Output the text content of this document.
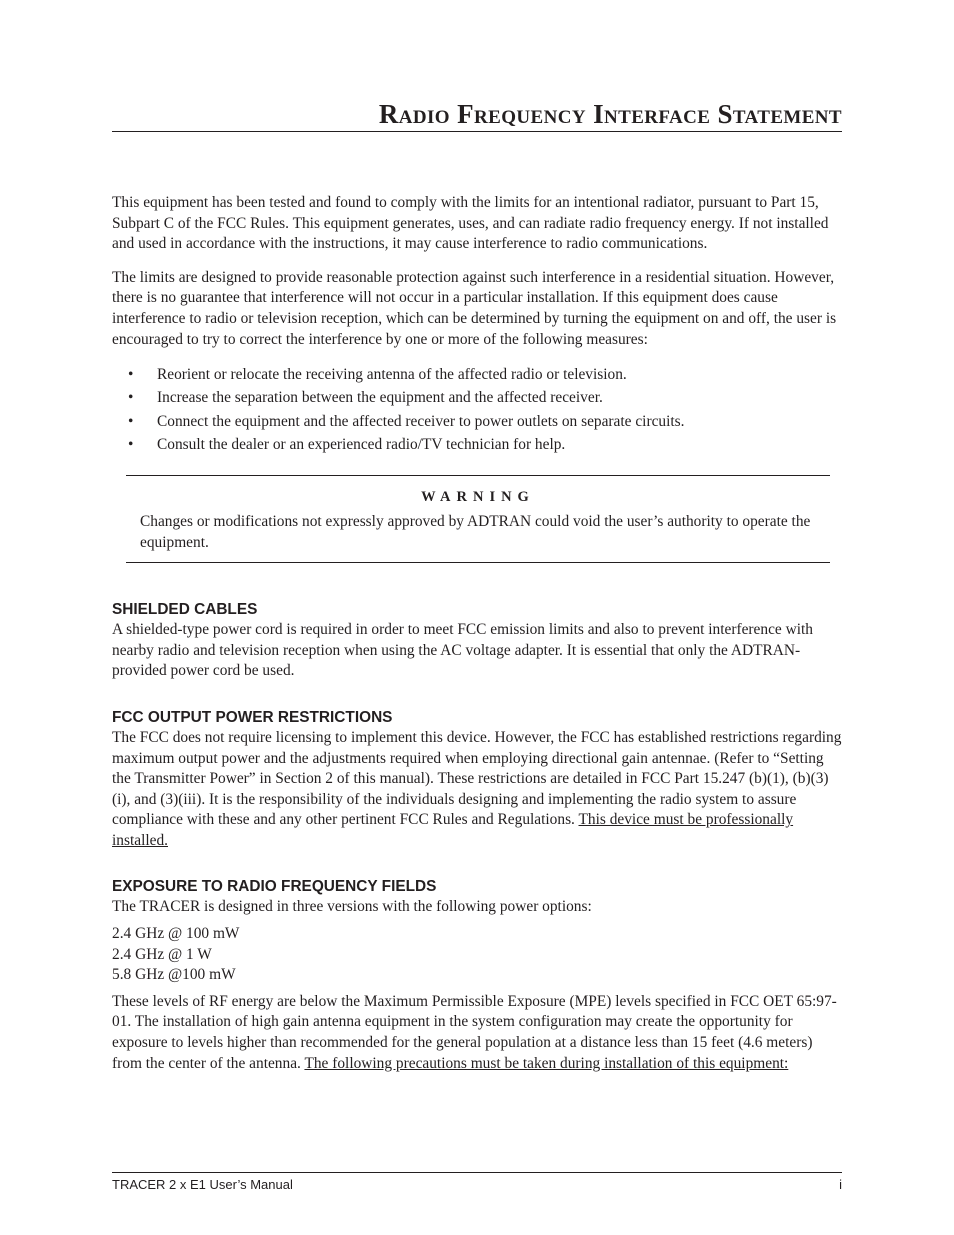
Radio Frequency Interface Statement

This equipment has been tested and found to comply with the limits for an intentional radiator, pursuant to Part 15, Subpart C of the FCC Rules. This equipment generates, uses, and can radiate radio frequency energy. If not installed and used in accordance with the instructions, it may cause interference to radio communications.

The limits are designed to provide reasonable protection against such interference in a residential situation. However, there is no guarantee that interference will not occur in a particular installation. If this equipment does cause interference to radio or television reception, which can be determined by turning the equipment on and off, the user is encouraged to try to correct the interference by one or more of the following measures:

• Reorient or relocate the receiving antenna of the affected radio or television.
• Increase the separation between the equipment and the affected receiver.
• Connect the equipment and the affected receiver to power outlets on separate circuits.
• Consult the dealer or an experienced radio/TV technician for help.
WARNING

Changes or modifications not expressly approved by ADTRAN could void the user’s authority to operate the equipment.

SHIELDED CABLES

A shielded-type power cord is required in order to meet FCC emission limits and also to prevent interference with nearby radio and television reception when using the AC voltage adapter. It is essential that only the ADTRAN-provided power cord be used.

FCC OUTPUT POWER RESTRICTIONS

The FCC does not require licensing to implement this device. However, the FCC has established restrictions regarding maximum output power and the adjustments required when employing directional gain antennae. (Refer to “Setting the Transmitter Power” in Section 2 of this manual). These restrictions are detailed in FCC Part 15.247 (b)(1), (b)(3)(i), and (3)(iii). It is the responsibility of the individuals designing and implementing the radio system to assure compliance with these and any other pertinent FCC Rules and Regulations. This device must be professionally installed.

EXPOSURE TO RADIO FREQUENCY FIELDS
The TRACER is designed in three versions with the following power options:
2.4 GHz @ 100 mW
2.4 GHz @ 1 W
5.8 GHz @100 mW

These levels of RF energy are below the Maximum Permissible Exposure (MPE) levels specified in FCC OET 65:97-01. The installation of high gain antenna equipment in the system configuration may create the opportunity for exposure to levels higher than recommended for the general population at a distance less than 15 feet (4.6 meters) from the center of the antenna. The following precautions must be taken during installation of this equipment:

TRACER 2 x E1 User’s Manual	i
